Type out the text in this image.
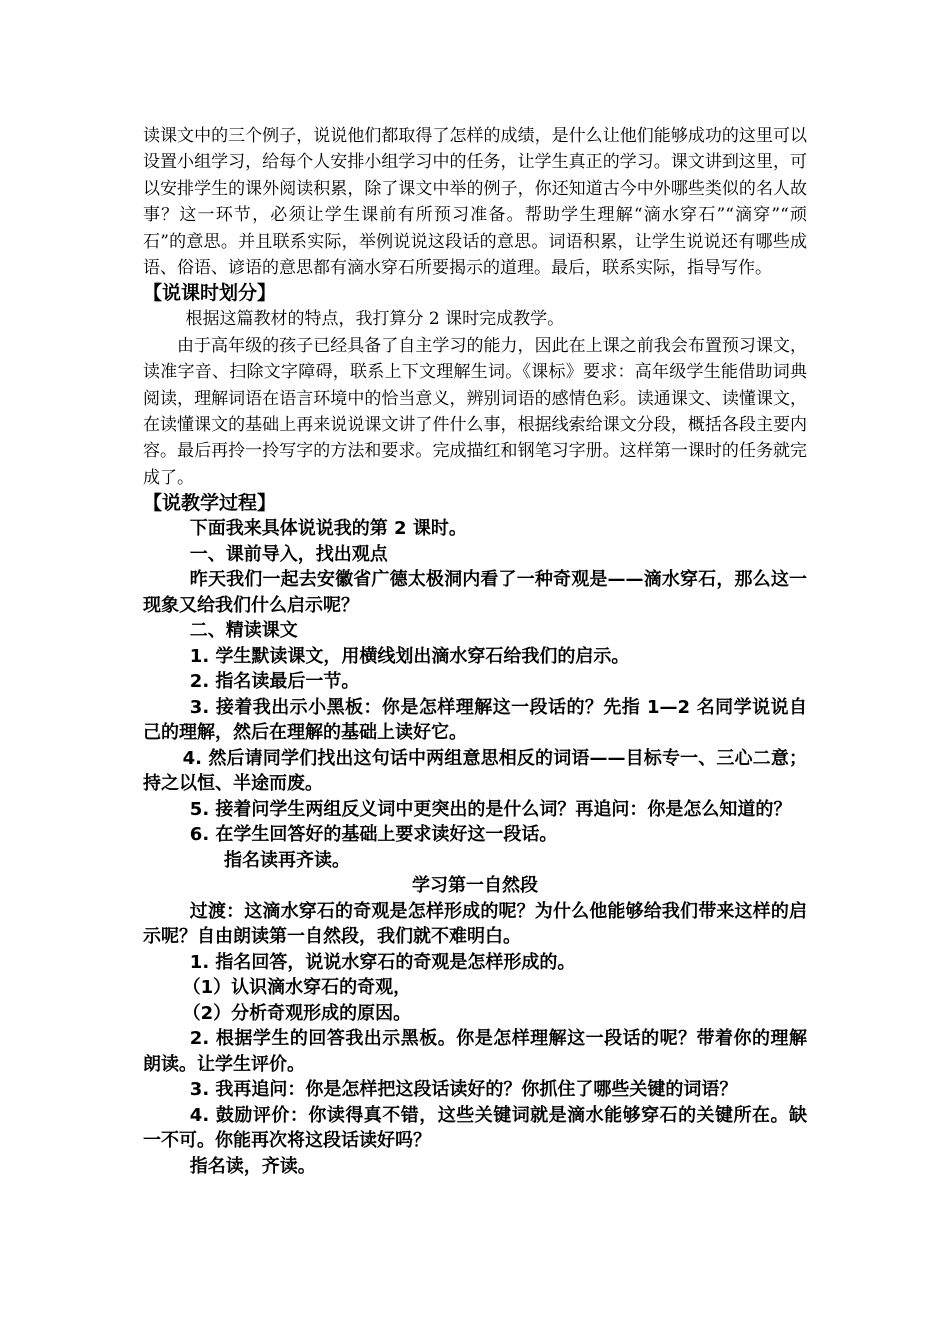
读课文中的三个例子，说说他们都取得了怎样的成绩，是什么让他们能够成功的这里可以设置小组学习，给每个人安排小组学习中的任务，让学生真正的学习。课文讲到这里，可以安排学生的课外阅读积累，除了课文中举的例子，你还知道古今中外哪些类似的名人故事？这一环节，必须让学生课前有所预习准备。帮助学生理解“滴水穿石”“滴穿”“顽石”的意思。并且联系实际，举例说说这段话的意思。词语积累，让学生说说还有哪些成语、俗语、谚语的意思都有滴水穿石所要揭示的道理。最后，联系实际，指导写作。

【说课时划分】

根据这篇教材的特点，我打算分 2 课时完成教学。

由于高年级的孩子已经具备了自主学习的能力，因此在上课之前我会布置预习课文，读准字音、扫除文字障碍，联系上下文理解生词。《课标》要求：高年级学生能借助词典阅读，理解词语在语言环境中的恰当意义，辨别词语的感情色彩。读通课文、读懂课文，在读懂课文的基础上再来说说课文讲了件什么事，根据线索给课文分段，概括各段主要内容。最后再拎一拎写字的方法和要求。完成描红和钢笔习字册。这样第一课时的任务就完成了。

【说教学过程】

下面我来具体说说我的第 2 课时。

一、课前导入，找出观点

昨天我们一起去安徽省广德太极洞内看了一种奇观是——滴水穿石，那么这一现象又给我们什么启示呢？

二、精读课文

1. 学生默读课文，用横线划出滴水穿石给我们的启示。

2. 指名读最后一节。

3. 接着我出示小黑板：你是怎样理解这一段话的？先指 1—2 名同学说说自己的理解，然后在理解的基础上读好它。

4. 然后请同学们找出这句话中两组意思相反的词语——目标专一、三心二意；持之以恒、半途而废。

5. 接着问学生两组反义词中更突出的是什么词？再追问：你是怎么知道的？

6. 在学生回答好的基础上要求读好这一段话。

指名读再齐读。

学习第一自然段

过渡：这滴水穿石的奇观是怎样形成的呢？为什么他能够给我们带来这样的启示呢？自由朗读第一自然段，我们就不难明白。

1. 指名回答，说说水穿石的奇观是怎样形成的。

（1）认识滴水穿石的奇观，

（2）分析奇观形成的原因。

2. 根据学生的回答我出示黑板。你是怎样理解这一段话的呢？带着你的理解朗读。让学生评价。

3. 我再追问：你是怎样把这段话读好的？你抓住了哪些关键的词语？

4. 鼓励评价：你读得真不错，这些关键词就是滴水能够穿石的关键所在。缺一不可。你能再次将这段话读好吗？

指名读，齐读。
